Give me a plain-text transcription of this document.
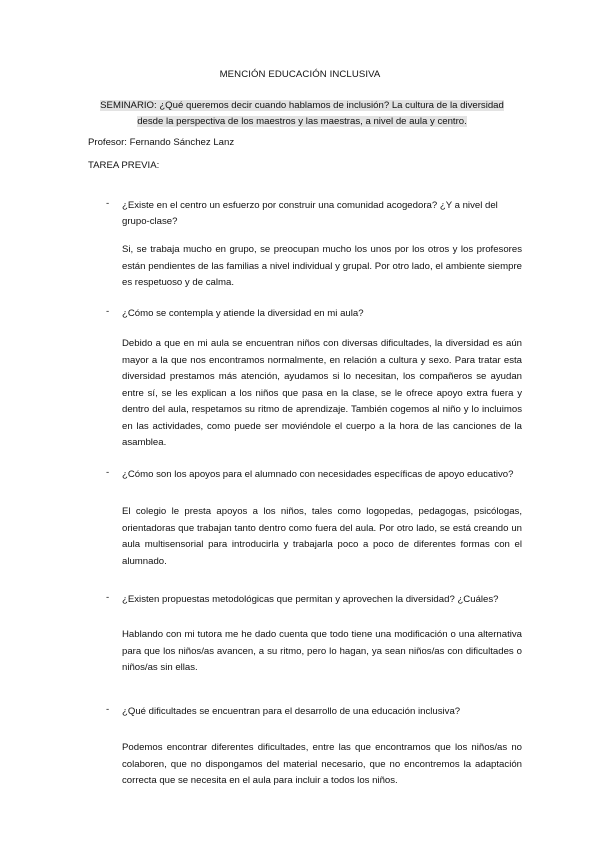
MENCIÓN EDUCACIÓN INCLUSIVA
SEMINARIO: ¿Qué queremos decir cuando hablamos de inclusión? La cultura de la diversidad desde la perspectiva de los maestros y las maestras, a nivel de aula y centro.
Profesor: Fernando Sánchez Lanz
TAREA PREVIA:
- ¿Existe en el centro un esfuerzo por construir una comunidad acogedora? ¿Y a nivel del grupo-clase?
Si, se trabaja mucho en grupo, se preocupan mucho los unos por los otros y los profesores están pendientes de las familias a nivel individual y grupal. Por otro lado, el ambiente siempre es respetuoso y de calma.
- ¿Cómo se contempla y atiende la diversidad en mi aula?
Debido a que en mi aula se encuentran niños con diversas dificultades, la diversidad es aún mayor a la que nos encontramos normalmente, en relación a cultura y sexo. Para tratar esta diversidad prestamos más atención, ayudamos si lo necesitan, los compañeros se ayudan entre sí, se les explican a los niños que pasa en la clase, se le ofrece apoyo extra fuera y dentro del aula, respetamos su ritmo de aprendizaje. También cogemos al niño y lo incluimos en las actividades, como puede ser moviéndole el cuerpo a la hora de las canciones de la asamblea.
- ¿Cómo son los apoyos para el alumnado con necesidades específicas de apoyo educativo?
El colegio le presta apoyos a los niños, tales como logopedas, pedagogas, psicólogas, orientadoras que trabajan tanto dentro como fuera del aula. Por otro lado, se está creando un aula multisensorial para introducirla y trabajarla poco a poco de diferentes formas con el alumnado.
- ¿Existen propuestas metodológicas que permitan y aprovechen la diversidad? ¿Cuáles?
Hablando con mi tutora me he dado cuenta que todo tiene una modificación o una alternativa para que los niños/as avancen, a su ritmo, pero lo hagan, ya sean niños/as con dificultades o niños/as sin ellas.
- ¿Qué dificultades se encuentran para el desarrollo de una educación inclusiva?
Podemos encontrar diferentes dificultades, entre las que encontramos que los niños/as no colaboren, que no dispongamos del material necesario, que no encontremos la adaptación correcta que se necesita en el aula para incluir a todos los niños.
